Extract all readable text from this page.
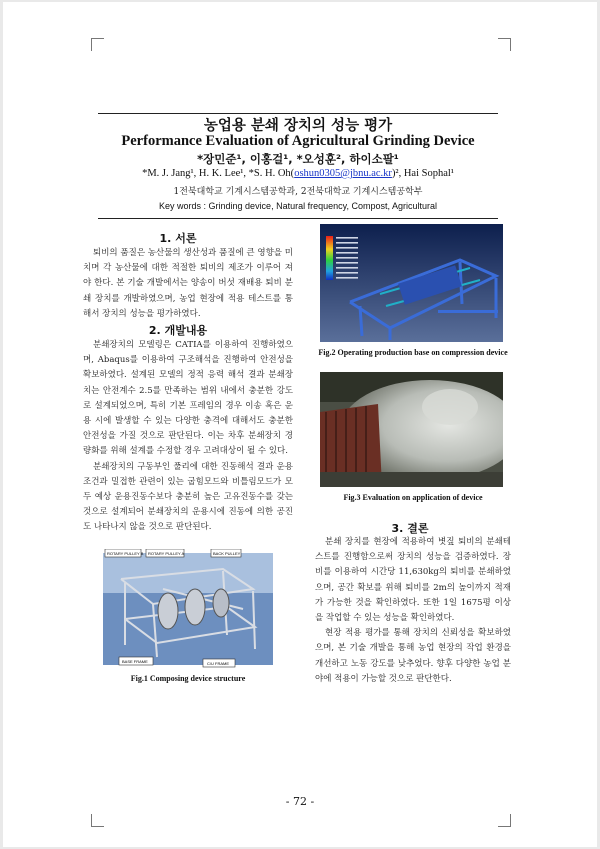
농업용 분쇄 장치의 성능 평가
Performance Evaluation of Agricultural Grinding Device
*장민준¹, 이홍걸¹, *오성훈², 하이소팔¹
*M. J. Jang¹, H. K. Lee¹, *S. H. Oh(oshun0305@jbnu.ac.kr)², Hai Sophal¹
1전북대학교 기계시스템공학과, 2전북대학교 기계시스템공학부
Key words : Grinding device, Natural frequency, Compost, Agricultural
1. 서론

퇴비의 품질은 농산물의 생산성과 품질에 큰 영향을 미치며 각 농산물에 대한 적절한 퇴비의 제조가 이루어 져야 한다. 본 기술 개발에서는 양송이 버섯 재배용 퇴비 분쇄 장치를 개발하였으며, 농업 현장에 적용 테스트를 통해서 장치의 성능을 평가하였다.

2. 개발내용

분쇄장치의 모델링은 CATIA를 이용하여 진행하였으며, Abaqus를 이용하여 구조해석을 진행하여 안전성을 확보하였다. 설계된 모델의 정적 응력 해석 결과 분쇄장치는 안전계수 2.5를 만족하는 범위 내에서 충분한 강도로 설계되었으며, 특히 기본 프레임의 경우 이송 혹은 운용 시에 발생할 수 있는 다양한 충격에 대해서도 충분한 안전성을 가질 것으로 판단된다. 이는 차후 분쇄장치 경량화를 위해 설계를 수정할 경우 고려대상이 될 수 있다.

분쇄장치의 구동부인 풀리에 대한 진동해석 결과 운용 조건과 밀접한 관련이 있는 굽힘모드와 비틀림모드가 모두 예상 운용진동수보다 충분히 높은 고유진동수를 갖는 것으로 설계되어 분쇄장치의 운용시에 진동에 의한 공진도 나타나지 않을 것으로 판단된다.

ROTARY PULLEY B ROTARY PULLEY A	BACK PULLEY
BASE FRAME	C/U FRAME
Fig.1 Composing device structure
Fig.2 Operating production base on compression device
Fig.3 Evaluation on application of device
3. 결론

분쇄 장치를 현장에 적용하여 볏짚 퇴비의 분쇄테스트를 진행함으로써 장치의 성능을 검증하였다. 장비를 이용하여 시간당 11,630kg의 퇴비를 분쇄하였으며, 공간 확보를 위해 퇴비를 2m의 높이까지 적재가 가능한 것을 확인하였다. 또한 1일 1675평 이상을 작업할 수 있는 성능을 확인하였다.

현장 적용 평가를 통해 장치의 신뢰성을 확보하였으며, 본 기술 개발을 통해 농업 현장의 작업 환경을 개선하고 노동 강도를 낮추었다. 향후 다양한 농업 분야에 적용이 가능할 것으로 판단한다.

- 72 -
